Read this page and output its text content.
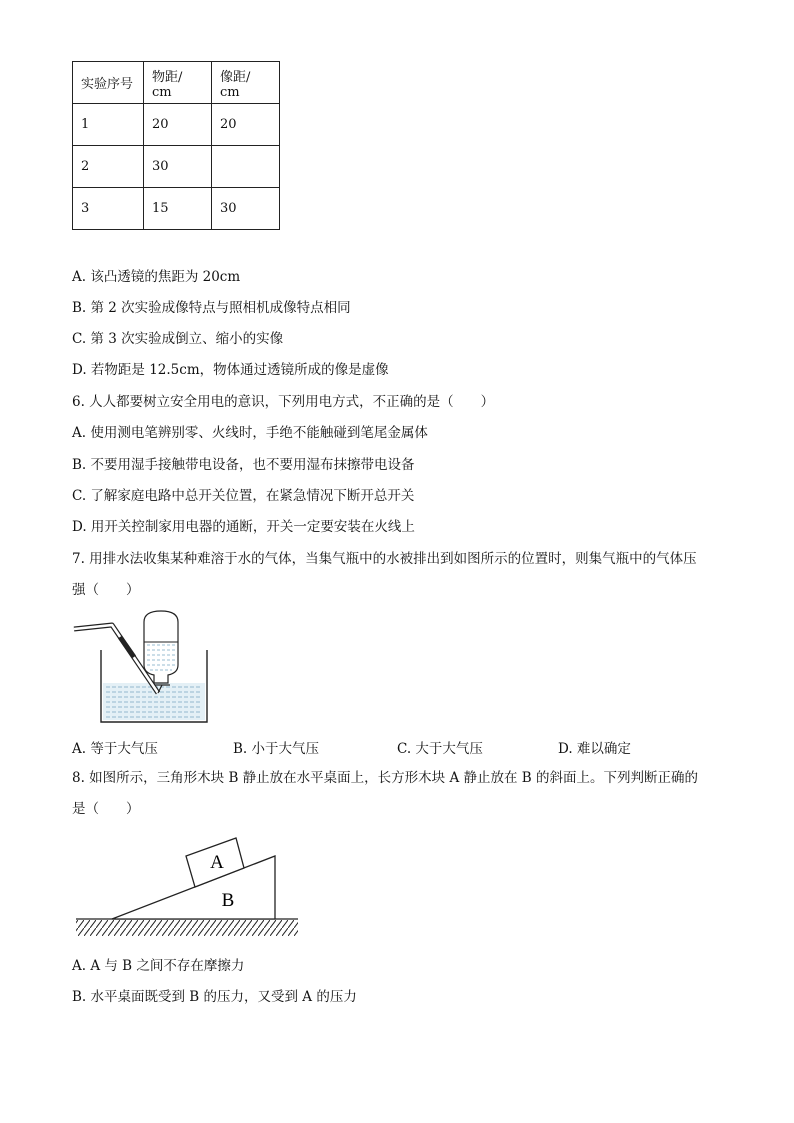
实验序号	物距/ cm	像距/ cm
1	20	20
2	30	
3	15	30
A. 该凸透镜的焦距为 20cm
B. 第 2 次实验成像特点与照相机成像特点相同
C. 第 3 次实验成倒立、缩小的实像
D. 若物距是 12.5cm，物体通过透镜所成的像是虚像
6. 人人都要树立安全用电的意识，下列用电方式，不正确的是（　　）
A. 使用测电笔辨别零、火线时，手绝不能触碰到笔尾金属体
B. 不要用湿手接触带电设备，也不要用湿布抹擦带电设备
C. 了解家庭电路中总开关位置，在紧急情况下断开总开关
D. 用开关控制家用电器的通断，开关一定要安装在火线上
7. 用排水法收集某种难溶于水的气体，当集气瓶中的水被排出到如图所示的位置时，则集气瓶中的气体压
强（　　）
A. 等于大气压	B. 小于大气压	C. 大于大气压	D. 难以确定
8. 如图所示，三角形木块 B 静止放在水平桌面上，长方形木块 A 静止放在 B 的斜面上。下列判断正确的
是（　　）
A
B
A. A 与 B 之间不存在摩擦力
B. 水平桌面既受到 B 的压力，又受到 A 的压力
